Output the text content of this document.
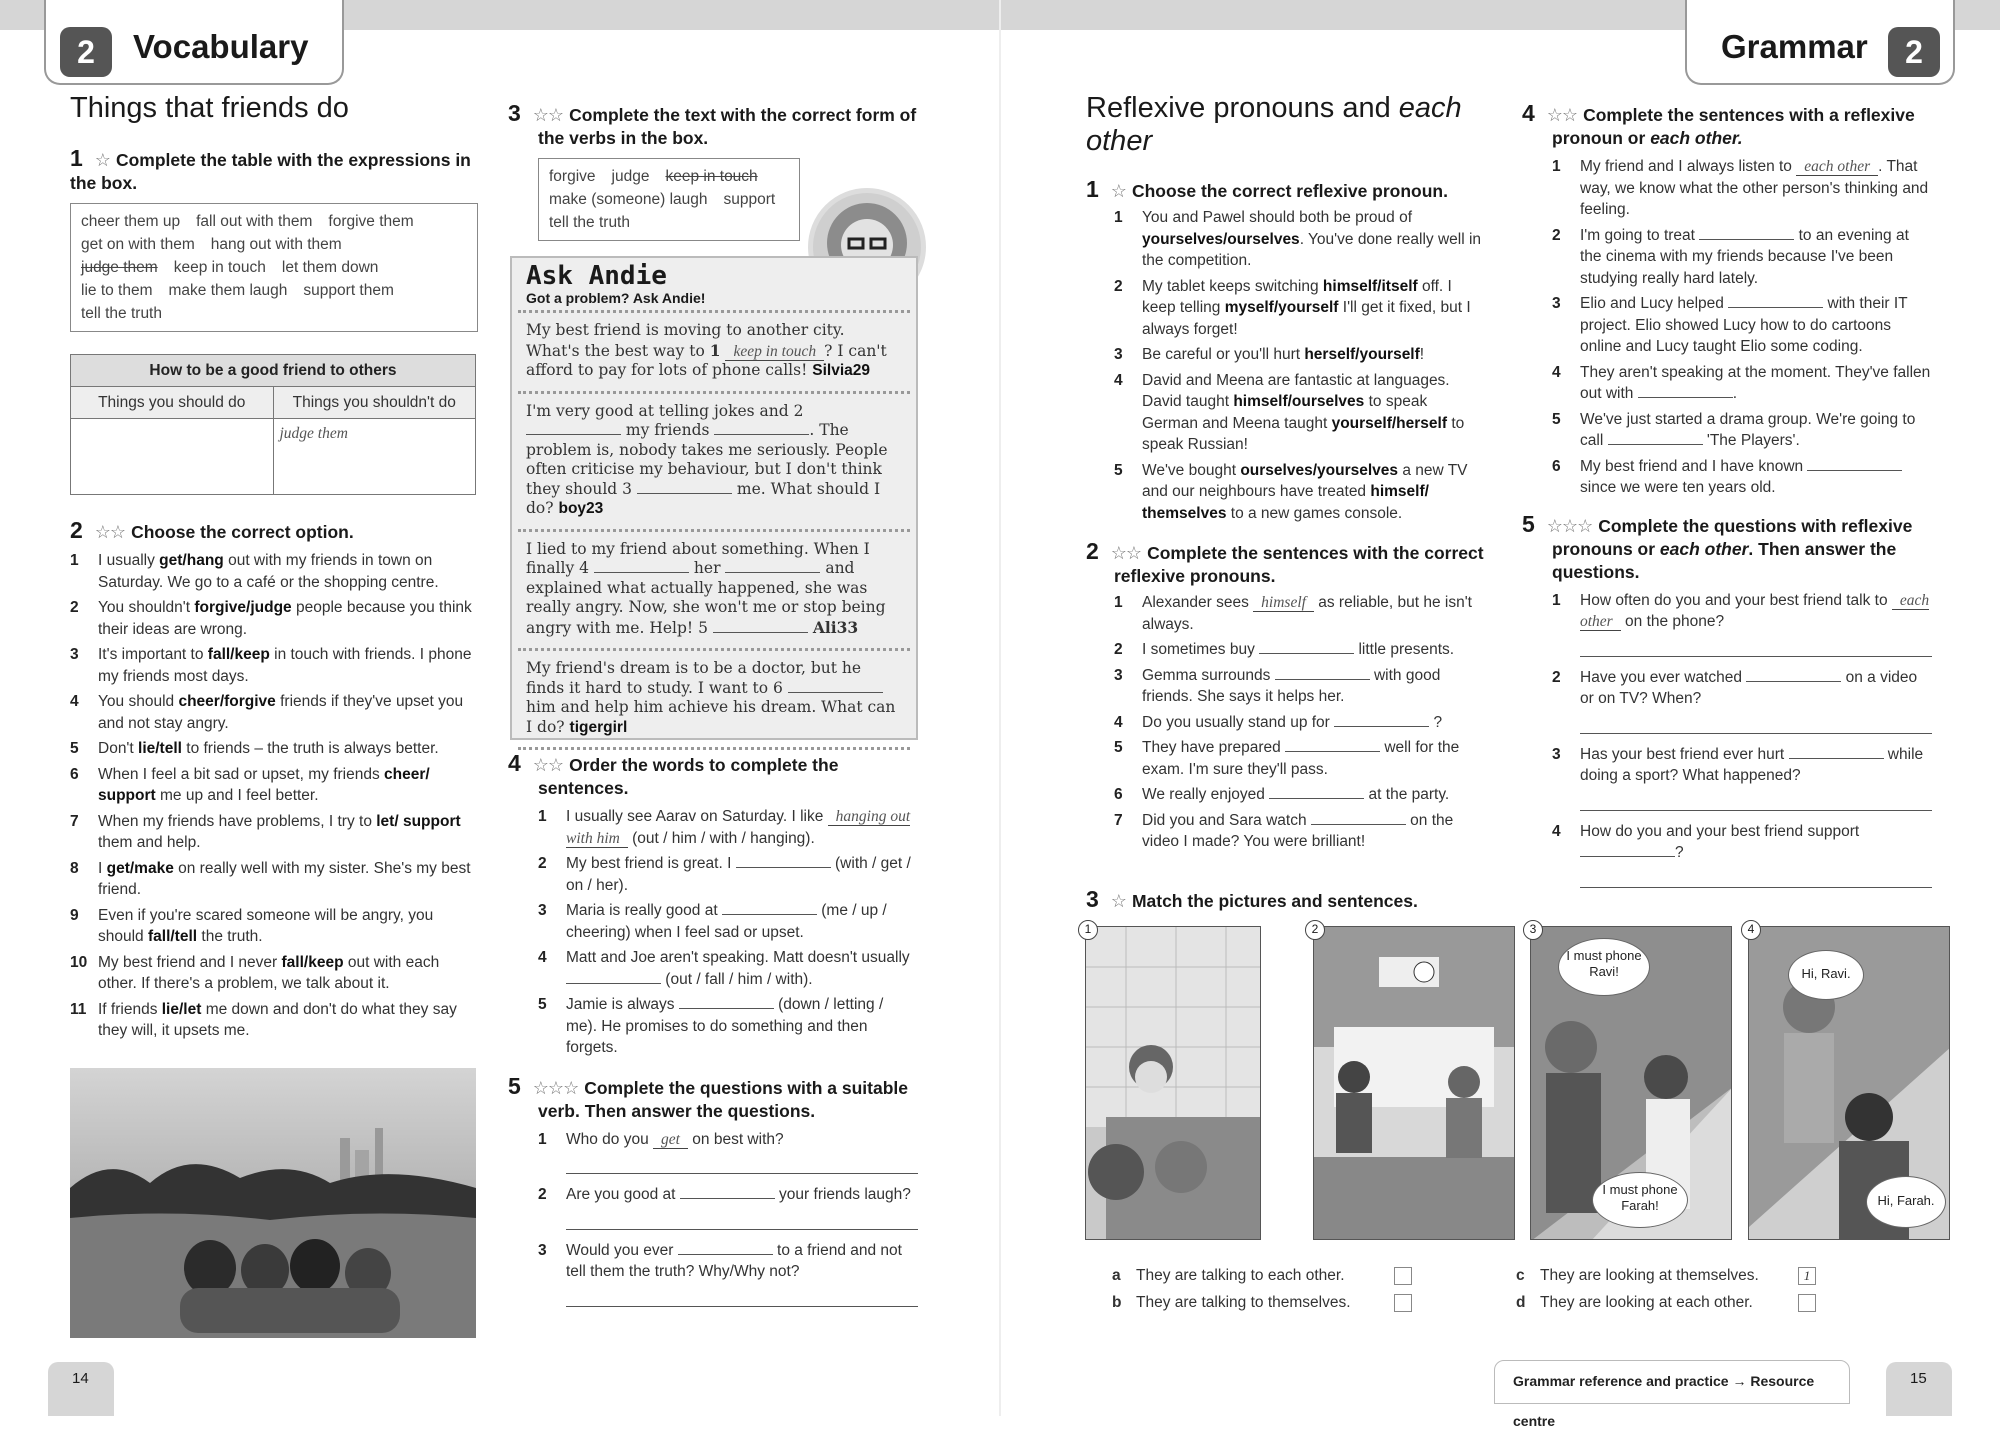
2	Vocabulary	Grammar	2
Things that friends do
1 ☆ Complete the table with the expressions in the box.
cheer them up fall out with them forgive them
get on with them hang out with them
judge them keep in touch let them down
lie to them make them laugh support them
tell the truth
How to be a good friend to others	
Things you should do	Things you shouldn't do
	judge them
2 ☆☆ Choose the correct option.
1 I usually get/hang out with my friends in town on Saturday. We go to a café or the shopping centre.
2 You shouldn't forgive/judge people because you think their ideas are wrong.
3 It's important to fall/keep in touch with friends. I phone my friends most days.
4 You should cheer/forgive friends if they've upset you and not stay angry.
5 Don't lie/tell to friends – the truth is always better.
6 When I feel a bit sad or upset, my friends cheer/ support me up and I feel better.
7 When my friends have problems, I try to let/ support them and help.
8 I get/make on really well with my sister. She's my best friend.
9 Even if you're scared someone will be angry, you should fall/tell the truth.
10 My best friend and I never fall/keep out with each other. If there's a problem, we talk about it.
11 If friends lie/let me down and don't do what they say they will, it upsets me.
3 ☆☆ Complete the text with the correct form of the verbs in the box.
forgive judge keep in touch
make (someone) laugh support
tell the truth
Ask Andie
Got a problem? Ask Andie!
My best friend is moving to another city. What's the best way to 1 keep in touch ? I can't afford to pay for lots of phone calls! Silvia29
I'm very good at telling jokes and 2  my friends	. The problem is, nobody takes me seriously. People often criticise my behaviour, but I don't think they should 3	me. What should I do? boy23
I lied to my friend about something. When I finally 4	her	and explained what actually happened, she was really angry. Now, she won't me or stop being angry with me. Help! 5	Ali33
My friend's dream is to be a doctor, but he finds it hard to study. I want to 6  him and help him achieve his dream. What can I do? tigergirl
4 ☆☆ Order the words to complete the sentences.
1 I usually see Aarav on Saturday. I like hanging out with him (out / him / with / hanging).
2 My best friend is great. I	(with / get / on / her).
3 Maria is really good at	(me / up / cheering) when I feel sad or upset.
4 Matt and Joe aren't speaking. Matt doesn't usually  (out / fall / him / with).
5 Jamie is always	(down / letting / me). He promises to do something and then forgets.
5 ☆☆☆ Complete the questions with a suitable verb. Then answer the questions.
1 Who do you get on best with?
2 Are you good at	your friends laugh?
3 Would you ever	to a friend and not tell them the truth? Why/Why not?
Reflexive pronouns and each other
1 ☆ Choose the correct reflexive pronoun.
1 You and Pawel should both be proud of yourselves/ourselves. You've done really well in the competition.
2 My tablet keeps switching himself/itself off. I keep telling myself/yourself I'll get it fixed, but I always forget!
3 Be careful or you'll hurt herself/yourself!
4 David and Meena are fantastic at languages. David taught himself/ourselves to speak German and Meena taught yourself/herself to speak Russian!
5 We've bought ourselves/yourselves a new TV and our neighbours have treated himself/ themselves to a new games console.
2 ☆☆ Complete the sentences with the correct reflexive pronouns.
1 Alexander sees himself as reliable, but he isn't always.
2 I sometimes buy	little presents.
3 Gemma surrounds	with good friends. She says it helps her.
4 Do you usually stand up for	?
5 They have prepared	well for the exam. I'm sure they'll pass.
6 We really enjoyed	at the party.
7 Did you and Sara watch	on the video I made? You were brilliant!
3 ☆ Match the pictures and sentences.
1	2	3	4
I must phone Ravi!
I must phone Farah!
Hi, Ravi.
Hi, Farah.
a They are talking to each other.
b They are talking to themselves.
c They are looking at themselves.	1
d They are looking at each other.
4 ☆☆ Complete the sentences with a reflexive pronoun or each other.
1 My friend and I always listen to each other . That way, we know what the other person's thinking and feeling.
2 I'm going to treat	to an evening at the cinema with my friends because I've been studying really hard lately.
3 Elio and Lucy helped	with their IT project. Elio showed Lucy how to do cartoons online and Lucy taught Elio some coding.
4 They aren't speaking at the moment. They've fallen out with	.
5 We've just started a drama group. We're going to call	'The Players'.
6 My best friend and I have known  since we were ten years old.
5 ☆☆☆ Complete the questions with reflexive pronouns or each other. Then answer the questions.
1 How often do you and your best friend talk to each other on the phone?
2 Have you ever watched	on a video or on TV? When?
3 Has your best friend ever hurt	while doing a sport? What happened?
4 How do you and your best friend support ?
14	Grammar reference and practice → Resource centre
15
